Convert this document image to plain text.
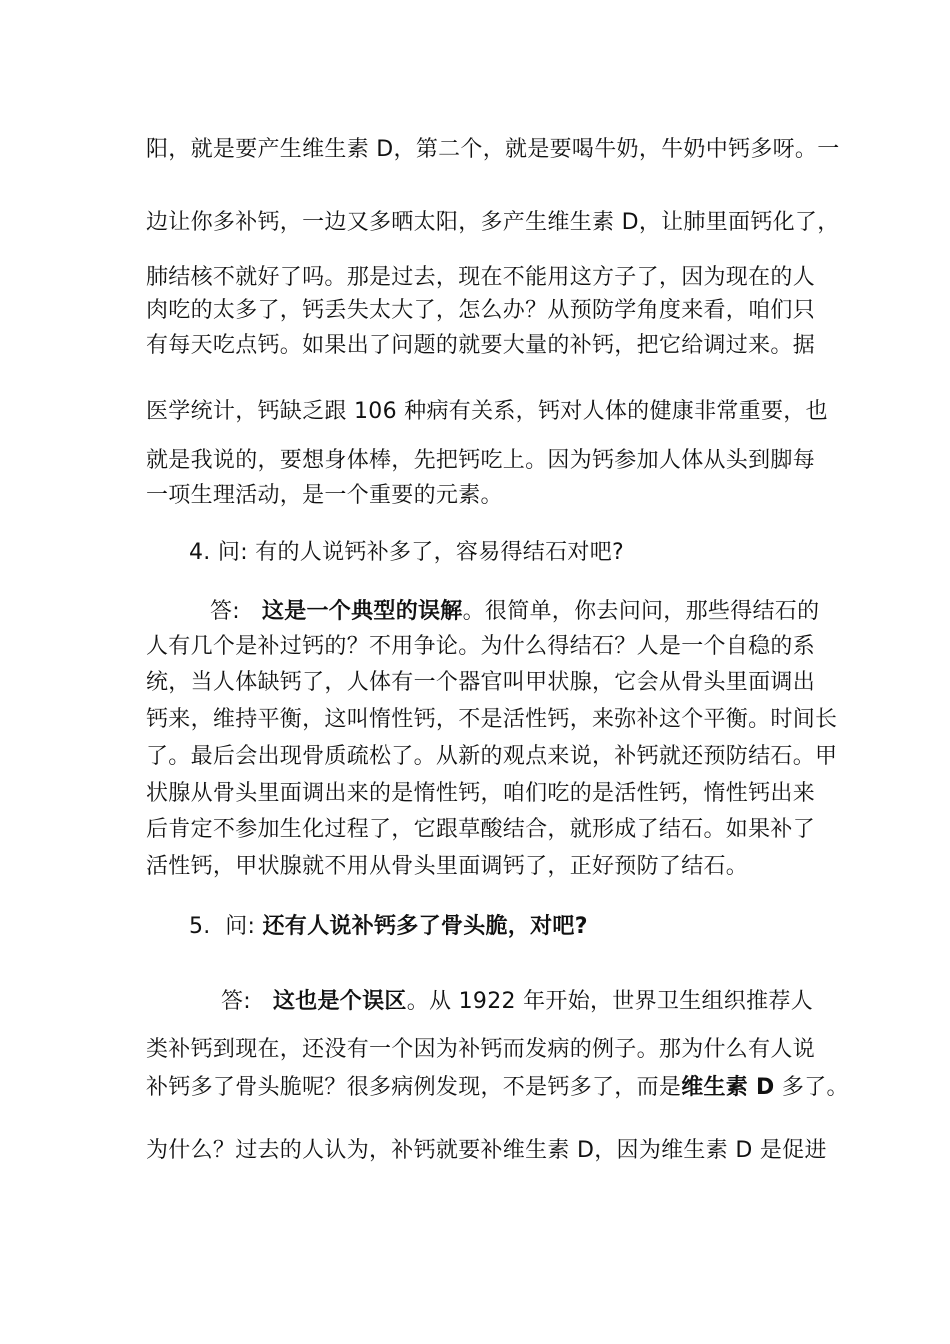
阳，就是要产生维生素 D，第二个，就是要喝牛奶，牛奶中钙多呀。一
边让你多补钙，一边又多晒太阳，多产生维生素 D，让肺里面钙化了，
肺结核不就好了吗。那是过去，现在不能用这方子了，因为现在的人
肉吃的太多了，钙丢失太大了，怎么办？从预防学角度来看，咱们只
有每天吃点钙。如果出了问题的就要大量的补钙，把它给调过来。据
医学统计，钙缺乏跟 106 种病有关系，钙对人体的健康非常重要，也
就是我说的，要想身体棒，先把钙吃上。因为钙参加人体从头到脚每
一项生理活动，是一个重要的元素。
4. 问: 有的人说钙补多了，容易得结石对吧?
答: 这是一个典型的误解。很简单，你去问问，那些得结石的
人有几个是补过钙的？不用争论。为什么得结石？人是一个自稳的系
统，当人体缺钙了，人体有一个器官叫甲状腺，它会从骨头里面调出
钙来，维持平衡，这叫惰性钙，不是活性钙，来弥补这个平衡。时间长
了。最后会出现骨质疏松了。从新的观点来说，补钙就还预防结石。甲
状腺从骨头里面调出来的是惰性钙，咱们吃的是活性钙，惰性钙出来
后肯定不参加生化过程了，它跟草酸结合，就形成了结石。如果补了
活性钙，甲状腺就不用从骨头里面调钙了，正好预防了结石。
5. 问: 还有人说补钙多了骨头脆，对吧?
答: 这也是个误区。从 1922 年开始，世界卫生组织推荐人
类补钙到现在，还没有一个因为补钙而发病的例子。那为什么有人说
补钙多了骨头脆呢？很多病例发现，不是钙多了，而是维生素 D 多了。
为什么？过去的人认为，补钙就要补维生素 D，因为维生素 D 是促进
